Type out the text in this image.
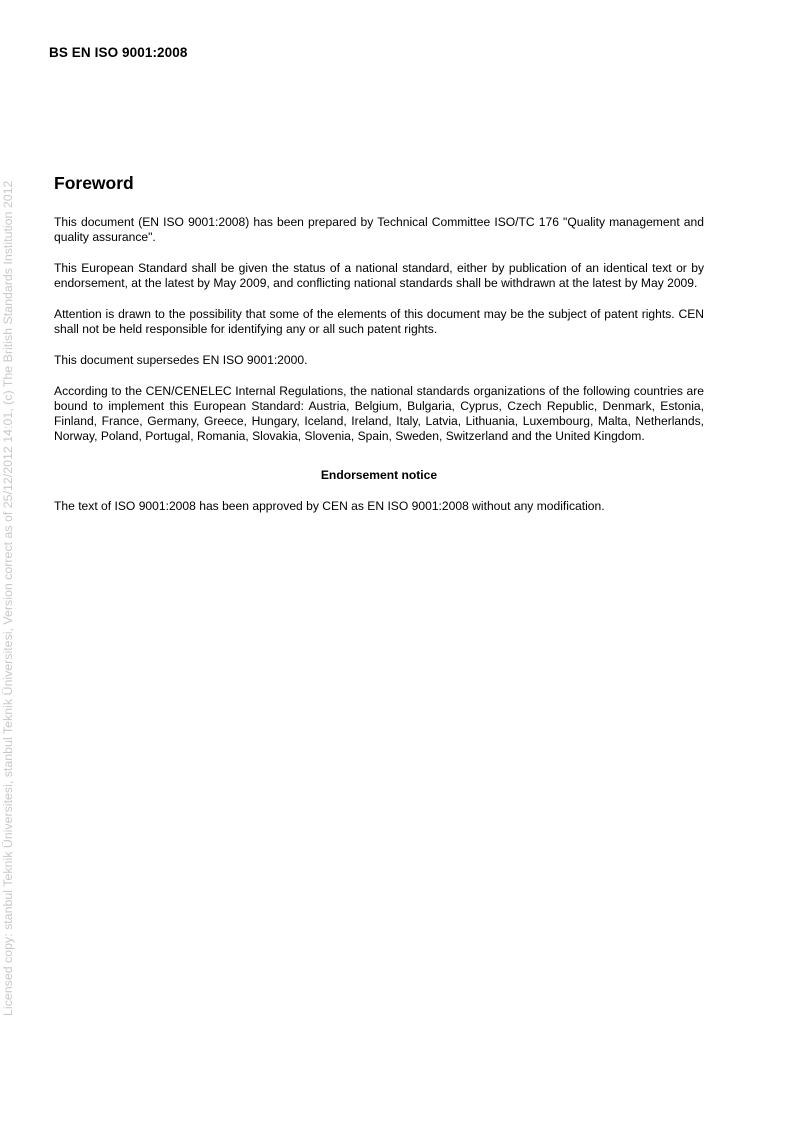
BS EN ISO 9001:2008
Licensed copy: stanbul Teknik Üniversitesi, stanbul Teknik Üniversitesi, Version correct as of 25/12/2012 14:01, (c) The British Standards Institution 2012 Foreword

This document (EN ISO 9001:2008) has been prepared by Technical Committee ISO/TC 176 "Quality management and quality assurance".

This European Standard shall be given the status of a national standard, either by publication of an identical text or by endorsement, at the latest by May 2009, and conflicting national standards shall be withdrawn at the latest by May 2009.

Attention is drawn to the possibility that some of the elements of this document may be the subject of patent rights. CEN shall not be held responsible for identifying any or all such patent rights.

This document supersedes EN ISO 9001:2000.

According to the CEN/CENELEC Internal Regulations, the national standards organizations of the following countries are bound to implement this European Standard: Austria, Belgium, Bulgaria, Cyprus, Czech Republic, Denmark, Estonia, Finland, France, Germany, Greece, Hungary, Iceland, Ireland, Italy, Latvia, Lithuania, Luxembourg, Malta, Netherlands, Norway, Poland, Portugal, Romania, Slovakia, Slovenia, Spain, Sweden, Switzerland and the United Kingdom.

Endorsement notice

The text of ISO 9001:2008 has been approved by CEN as EN ISO 9001:2008 without any modification.
